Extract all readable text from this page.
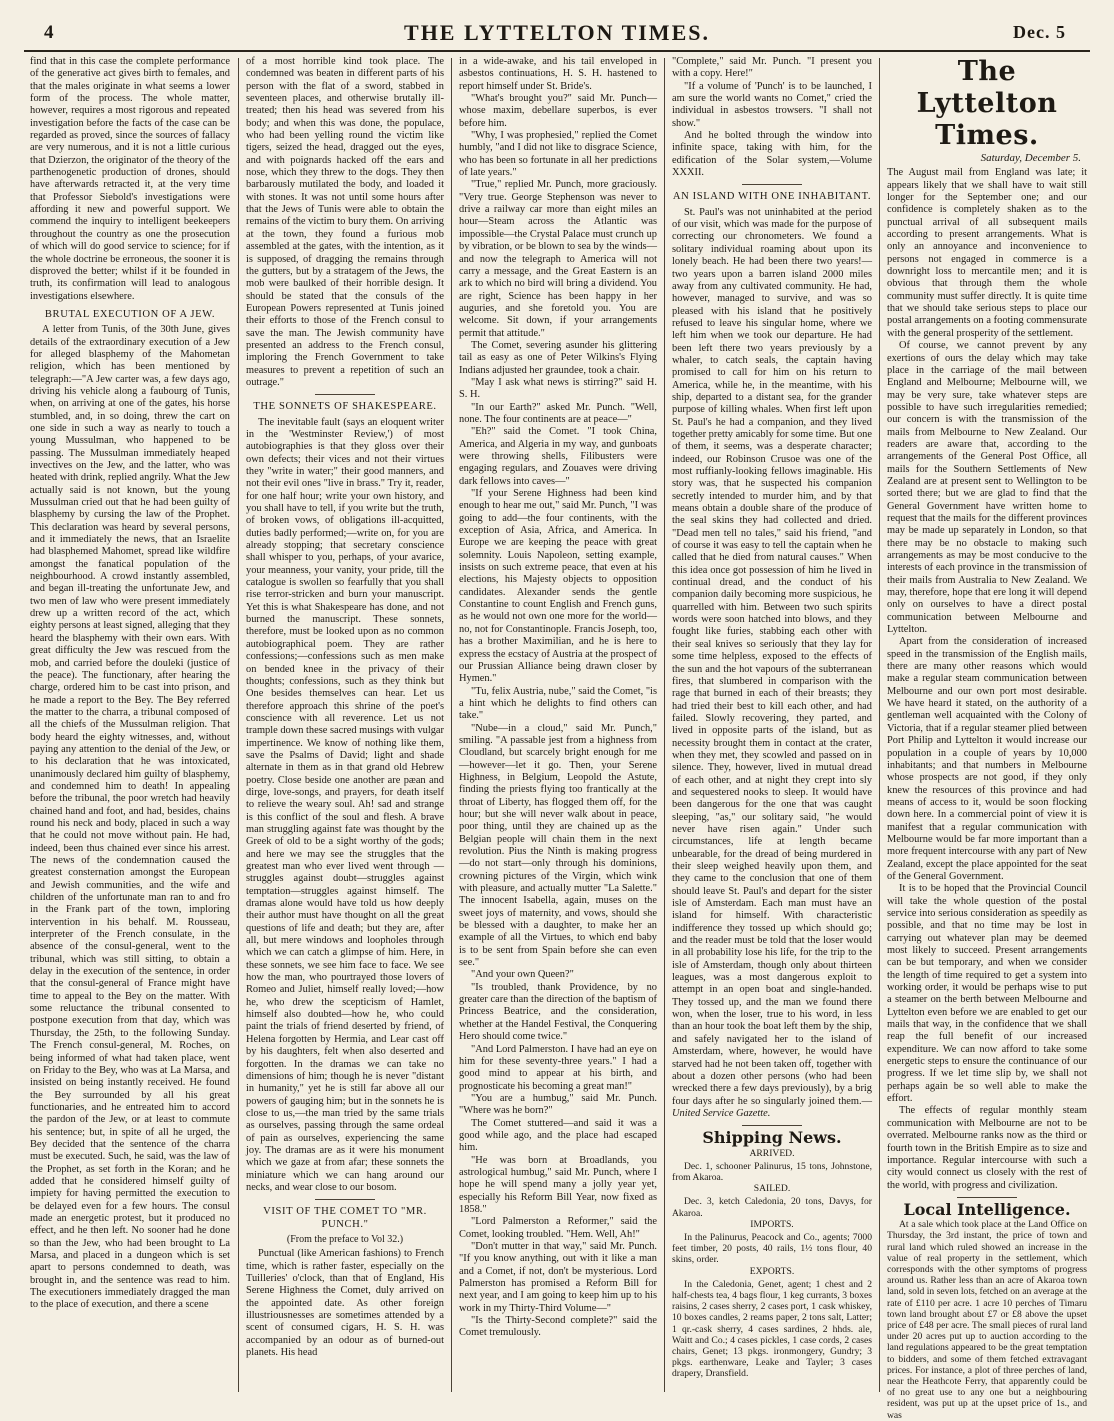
4	THE LYTTELTON TIMES.	Dec. 5

find that in this case the complete performance of the generative act gives birth to females, and that the males originate in what seems a lower form of the process. The whole matter, however, requires a most rigorous and repeated investigation before the facts of the case can be regarded as proved, since the sources of fallacy are very numerous, and it is not a little curious that Dzierzon, the originator of the theory of the parthenogenetic production of drones, should have afterwards retracted it, at the very time that Professor Siebold's investigations were affording it new and powerful support. We commend the inquiry to intelligent beekeepers throughout the country as one the prosecution of which will do good service to science; for if the whole doctrine be erroneous, the sooner it is disproved the better; whilst if it be founded in truth, its confirmation will lead to analogous investigations elsewhere.

BRUTAL EXECUTION OF A JEW.

A letter from Tunis, of the 30th June, gives details of the extraordinary execution of a Jew for alleged blasphemy of the Mahometan religion, which has been mentioned by telegraph:—"A Jew carter was, a few days ago, driving his vehicle along a faubourg of Tunis, when, on arriving at one of the gates, his horse stumbled, and, in so doing, threw the cart on one side in such a way as nearly to touch a young Mussulman, who happened to be passing. The Mussulman immediately heaped invectives on the Jew, and the latter, who was heated with drink, replied angrily. What the Jew actually said is not known, but the young Mussulman cried out that he had been guilty of blasphemy by cursing the law of the Prophet. This declaration was heard by several persons, and it immediately the news, that an Israelite had blasphemed Mahomet, spread like wildfire amongst the fanatical population of the neighbourhood. A crowd instantly assembled, and began ill-treating the unfortunate Jew, and two men of law who were present immediately drew up a written record of the act, which eighty persons at least signed, alleging that they heard the blasphemy with their own ears. With great difficulty the Jew was rescued from the mob, and carried before the douleki (justice of the peace). The functionary, after hearing the charge, ordered him to be cast into prison, and he made a report to the Bey. The Bey referred the matter to the charra, a tribunal composed of all the chiefs of the Mussulman religion. That body heard the eighty witnesses, and, without paying any attention to the denial of the Jew, or to his declaration that he was intoxicated, unanimously declared him guilty of blasphemy, and condemned him to death! In appealing before the tribunal, the poor wretch had heavily chained hand and foot, and had, besides, chains round his neck and body, placed in such a way that he could not move without pain. He had, indeed, been thus chained ever since his arrest. The news of the condemnation caused the greatest consternation amongst the European and Jewish communities, and the wife and children of the unfortunate man ran to and fro in the Frank part of the town, imploring intervention in his behalf. M. Rousseau, interpreter of the French consulate, in the absence of the consul-general, went to the tribunal, which was still sitting, to obtain a delay in the execution of the sentence, in order that the consul-general of France might have time to appeal to the Bey on the matter. With some reluctance the tribunal consented to postpone execution from that day, which was Thursday, the 25th, to the following Sunday. The French consul-general, M. Roches, on being informed of what had taken place, went on Friday to the Bey, who was at La Marsa, and insisted on being instantly received. He found the Bey surrounded by all his great functionaries, and he entreated him to accord the pardon of the Jew, or at least to commute his sentence; but, in spite of all he urged, the Bey decided that the sentence of the charra must be executed. Such, he said, was the law of the Prophet, as set forth in the Koran; and he added that he considered himself guilty of impiety for having permitted the execution to be delayed even for a few hours. The consul made an energetic protest, but it produced no effect, and he then left. No sooner had he done so than the Jew, who had been brought to La Marsa, and placed in a dungeon which is set apart to persons condemned to death, was brought in, and the sentence was read to him. The executioners immediately dragged the man to the place of execution, and there a scene

of a most horrible kind took place. The condemned was beaten in different parts of his person with the flat of a sword, stabbed in seventeen places, and otherwise brutally ill-treated; then his head was severed from his body; and when this was done, the populace, who had been yelling round the victim like tigers, seized the head, dragged out the eyes, and with poignards hacked off the ears and nose, which they threw to the dogs. They then barbarously mutilated the body, and loaded it with stones. It was not until some hours after that the Jews of Tunis were able to obtain the remains of the victim to bury them. On arriving at the town, they found a furious mob assembled at the gates, with the intention, as it is supposed, of dragging the remains through the gutters, but by a stratagem of the Jews, the mob were baulked of their horrible design. It should be stated that the consuls of the European Powers represented at Tunis joined their efforts to those of the French consul to save the man. The Jewish community have presented an address to the French consul, imploring the French Government to take measures to prevent a repetition of such an outrage."

THE SONNETS OF SHAKESPEARE.

The inevitable fault (says an eloquent writer in the 'Westminster Review,') of most autobiographies is that they gloss over their own defects; their vices and not their virtues they "write in water;" their good manners, and not their evil ones "live in brass." Try it, reader, for one half hour; write your own history, and you shall have to tell, if you write but the truth, of broken vows, of obligations ill-acquitted, duties badly performed;—write on, for you are already stopping; that secretary conscience shall whisper to you, perhaps, of your avarice, your meanness, your vanity, your pride, till the catalogue is swollen so fearfully that you shall rise terror-stricken and burn your manuscript. Yet this is what Shakespeare has done, and not burned the manuscript. These sonnets, therefore, must be looked upon as no common autobiographical poem. They are rather confessions;—confessions such as men make on bended knee in the privacy of their thoughts; confessions, such as they think but One besides themselves can hear. Let us therefore approach this shrine of the poet's conscience with all reverence. Let us not trample down these sacred musings with vulgar impertinence. We know of nothing like them, save the Psalms of David; light and shade alternate in them as in that grand old Hebrew poetry. Close beside one another are pæan and dirge, love-songs, and prayers, for death itself to relieve the weary soul. Ah! sad and strange is this conflict of the soul and flesh. A brave man struggling against fate was thought by the Greek of old to be a sight worthy of the gods; and here we may see the struggles that the greatest man who ever lived went through —struggles against doubt—struggles against temptation—struggles against himself. The dramas alone would have told us how deeply their author must have thought on all the great questions of life and death; but they are, after all, but mere windows and loopholes through which we can catch a glimpse of him. Here, in these sonnets, we see him face to face. We see how the man, who pourtrayed those lovers of Romeo and Juliet, himself really loved;—how he, who drew the scepticism of Hamlet, himself also doubted—how he, who could paint the trials of friend deserted by friend, of Helena forgotten by Hermia, and Lear cast off by his daughters, felt when also deserted and forgotten. In the dramas we can take no dimensions of him; though he is never "distant in humanity," yet he is still far above all our powers of gauging him; but in the sonnets he is close to us,—the man tried by the same trials as ourselves, passing through the same ordeal of pain as ourselves, experiencing the same joy. The dramas are as it were his monument which we gaze at from afar; these sonnets the miniature which we can hang around our necks, and wear close to our bosom.

VISIT OF THE COMET TO "MR. PUNCH."
(From the preface to Vol 32.)

Punctual (like American fashions) to French time, which is rather faster, especially on the Tuilleries' o'clock, than that of England, His Serene Highness the Comet, duly arrived on the appointed date. As other foreign illustriousnesses are sometimes attended by a scent of consumed cigars, H. S. H. was accompanied by an odour as of burned-out planets. His head

in a wide-awake, and his tail enveloped in asbestos continuations, H. S. H. hastened to report himself under St. Bride's.

"What's brought you?" said Mr. Punch—whose maxim, debellare superbos, is ever before him.

"Why, I was prophesied," replied the Comet humbly, "and I did not like to disgrace Science, who has been so fortunate in all her predictions of late years."

"True," replied Mr. Punch, more graciously. "Very true. George Stephenson was never to drive a railway car more than eight miles an hour—Steam across the Atlantic was impossible—the Crystal Palace must crunch up by vibration, or be blown to sea by the winds—and now the telegraph to America will not carry a message, and the Great Eastern is an ark to which no bird will bring a dividend. You are right, Science has been happy in her auguries, and she foretold you. You are welcome. Sit down, if your arrangements permit that attitude."

The Comet, severing asunder his glittering tail as easy as one of Peter Wilkins's Flying Indians adjusted her graundee, took a chair.

"May I ask what news is stirring?" said H. S. H.

"In our Earth?" asked Mr. Punch. "Well, none. The four continents are at peace—"

"Eh?" said the Comet. "I took China, America, and Algeria in my way, and gunboats were throwing shells, Filibusters were engaging regulars, and Zouaves were driving dark fellows into caves—"

"If your Serene Highness had been kind enough to hear me out," said Mr. Punch, "I was going to add—the four continents, with the exception of Asia, Africa, and America. In Europe we are keeping the peace with great solemnity. Louis Napoleon, setting example, insists on such extreme peace, that even at his elections, his Majesty objects to opposition candidates. Alexander sends the gentle Constantine to count English and French guns, as he would not own one more for the world—no, not for Constantinople. Francis Joseph, too, has a brother Maximilian, and he is here to express the ecstacy of Austria at the prospect of our Prussian Alliance being drawn closer by Hymen."

"Tu, felix Austria, nube," said the Comet, "is a hint which he delights to find others can take."

"Nube—in a cloud," said Mr. Punch," smiling. "A passable jest from a highness from Cloudland, but scarcely bright enough for me—however—let it go. Then, your Serene Highness, in Belgium, Leopold the Astute, finding the priests flying too frantically at the throat of Liberty, has flogged them off, for the hour; but she will never walk about in peace, poor thing, until they are chained up as the Belgian people will chain them in the next revolution. Pius the Ninth is making progress—do not start—only through his dominions, crowning pictures of the Virgin, which wink with pleasure, and actually mutter "La Salette." The innocent Isabella, again, muses on the sweet joys of maternity, and vows, should she be blessed with a daughter, to make her an example of all the Virtues, to which end baby is to be sent from Spain before she can even see."

"And your own Queen?"

"Is troubled, thank Providence, by no greater care than the direction of the baptism of Princess Beatrice, and the consideration, whether at the Handel Festival, the Conquering Hero should come twice."

"And Lord Palmerston. I have had an eye on him for these seventy-three years." I had a good mind to appear at his birth, and prognosticate his becoming a great man!"

"You are a humbug," said Mr. Punch. "Where was he born?"

The Comet stuttered—and said it was a good while ago, and the place had escaped him.

"He was born at Broadlands, you astrological humbug," said Mr. Punch, where I hope he will spend many a jolly year yet, especially his Reform Bill Year, now fixed as 1858."

"Lord Palmerston a Reformer," said the Comet, looking troubled. "Hem. Well, Ah!"

"Don't mutter in that way," said Mr. Punch. "If you know anything, out with it like a man and a Comet, if not, don't be mysterious. Lord Palmerston has promised a Reform Bill for next year, and I am going to keep him up to his work in my Thirty-Third Volume—"

"Is the Thirty-Second complete?" said the Comet tremulously.

"Complete," said Mr. Punch. "I present you with a copy. Here!"

"If a volume of 'Punch' is to be launched, I am sure the world wants no Comet," cried the individual in asbestos trowsers. "I shall not show."

And he bolted through the window into infinite space, taking with him, for the edification of the Solar system,—Volume XXXII.

AN ISLAND WITH ONE INHABITANT.

St. Paul's was not uninhabited at the period of our visit, which was made for the purpose of correcting our chronometers. We found a solitary individual roaming about upon its lonely beach. He had been there two years!—two years upon a barren island 2000 miles away from any cultivated community. He had, however, managed to survive, and was so pleased with his island that he positively refused to leave his singular home, where we left him when we took our departure. He had been left there two years previously by a whaler, to catch seals, the captain having promised to call for him on his return to America, while he, in the meantime, with his ship, departed to a distant sea, for the grander purpose of killing whales. When first left upon St. Paul's he had a companion, and they lived together pretty amicably for some time. But one of them, it seems, was a desperate character; indeed, our Robinson Crusoe was one of the most ruffianly-looking fellows imaginable. His story was, that he suspected his companion secretly intended to murder him, and by that means obtain a double share of the produce of the seal skins they had collected and dried. "Dead men tell no tales," said his friend, "and of course it was easy to tell the captain when he called that he died from natural causes." When this idea once got possession of him he lived in continual dread, and the conduct of his companion daily becoming more suspicious, he quarrelled with him. Between two such spirits words were soon hatched into blows, and they fought like furies, stabbing each other with their seal knives so seriously that they lay for some time helpless, exposed to the effects of the sun and the hot vapours of the subterranean fires, that slumbered in comparison with the rage that burned in each of their breasts; they had tried their best to kill each other, and had failed. Slowly recovering, they parted, and lived in opposite parts of the island, but as necessity brought them in contact at the crater, when they met, they scowled and passed on in silence. They, however, lived in mutual dread of each other, and at night they crept into sly and sequestered nooks to sleep. It would have been dangerous for the one that was caught sleeping, "as," our solitary said, "he would never have risen again." Under such circumstances, life at length became unbearable, for the dread of being murdered in their sleep weighed heavily upon them, and they came to the conclusion that one of them should leave St. Paul's and depart for the sister isle of Amsterdam. Each man must have an island for himself. With characteristic indifference they tossed up which should go; and the reader must be told that the loser would in all probability lose his life, for the trip to the isle of Amsterdam, though only about thirteen leagues, was a most dangerous exploit to attempt in an open boat and single-handed. They tossed up, and the man we found there won, when the loser, true to his word, in less than an hour took the boat left them by the ship, and safely navigated her to the island of Amsterdam, where, however, he would have starved had he not been taken off, together with about a dozen other persons (who had been wrecked there a few days previously), by a brig four days after he so singularly joined them.—United Service Gazette.

Shipping News.
ARRIVED.

Dec. 1, schooner Palinurus, 15 tons, Johnstone, from Akaroa.

SAILED.

Dec. 3, ketch Caledonia, 20 tons, Davys, for Akaroa.

IMPORTS.

In the Palinurus, Peacock and Co., agents; 7000 feet timber, 20 posts, 40 rails, 1½ tons flour, 40 skins, order.

EXPORTS.

In the Caledonia, Genet, agent; 1 chest and 2 half-chests tea, 4 bags flour, 1 keg currants, 3 boxes raisins, 2 cases sherry, 2 cases port, 1 cask whiskey, 10 boxes candles, 2 reams paper, 2 tons salt, Latter; 1 qr.-cask sherry, 4 cases sardines, 2 hhds. ale, Waitt and Co.; 4 cases pickles, 1 case cords, 2 cases chairs, Genet; 13 pkgs. ironmongery, Gundry; 3 pkgs. earthenware, Leake and Tayler; 3 cases drapery, Dransfield.

The Lyttelton Times.
Saturday, December 5.

The August mail from England was late; it appears likely that we shall have to wait still longer for the September one; and our confidence is completely shaken as to the punctual arrival of all subsequent mails according to present arrangements. What is only an annoyance and inconvenience to persons not engaged in commerce is a downright loss to mercantile men; and it is obvious that through them the whole community must suffer directly. It is quite time that we should take serious steps to place our postal arrangements on a footing commensurate with the general prosperity of the settlement.

Of course, we cannot prevent by any exertions of ours the delay which may take place in the carriage of the mail between England and Melbourne; Melbourne will, we may be very sure, take whatever steps are possible to have such irregularities remedied; our concern is with the transmission of the mails from Melbourne to New Zealand. Our readers are aware that, according to the arrangements of the General Post Office, all mails for the Southern Settlements of New Zealand are at present sent to Wellington to be sorted there; but we are glad to find that the General Government have written home to request that the mails for the different provinces may be made up separately in London, so that there may be no obstacle to making such arrangements as may be most conducive to the interests of each province in the transmission of their mails from Australia to New Zealand. We may, therefore, hope that ere long it will depend only on ourselves to have a direct postal communication between Melbourne and Lyttelton.

Apart from the consideration of increased speed in the transmission of the English mails, there are many other reasons which would make a regular steam communication between Melbourne and our own port most desirable. We have heard it stated, on the authority of a gentleman well acquainted with the Colony of Victoria, that if a regular steamer plied between Port Philip and Lyttelton it would increase our population in a couple of years by 10,000 inhabitants; and that numbers in Melbourne whose prospects are not good, if they only knew the resources of this province and had means of access to it, would be soon flocking down here. In a commercial point of view it is manifest that a regular communication with Melbourne would be far more important than a more frequent intercourse with any part of New Zealand, except the place appointed for the seat of the General Government.

It is to be hoped that the Provincial Council will take the whole question of the postal service into serious consideration as speedily as possible, and that no time may be lost in carrying out whatever plan may be deemed most likely to succeed. Present arrangements can be but temporary, and when we consider the length of time required to get a system into working order, it would be perhaps wise to put a steamer on the berth between Melbourne and Lyttelton even before we are enabled to get our mails that way, in the confidence that we shall reap the full benefit of our increased expenditure. We can now afford to take some energetic steps to ensure the continuance of our progress. If we let time slip by, we shall not perhaps again be so well able to make the effort.

The effects of regular monthly steam communication with Melbourne are not to be overrated. Melbourne ranks now as the third or fourth town in the British Empire as to size and importance. Regular intercourse with such a city would connect us closely with the rest of the world, with progress and civilization.

Local Intelligence.

At a sale which took place at the Land Office on Thursday, the 3rd instant, the price of town and rural land which ruled showed an increase in the value of real property in the settlement, which corresponds with the other symptoms of progress around us. Rather less than an acre of Akaroa town land, sold in seven lots, fetched on an average at the rate of £110 per acre. 1 acre 10 perches of Timaru town land brought about £7 or £8 above the upset price of £48 per acre. The small pieces of rural land under 20 acres put up to auction according to the land regulations appeared to be the great temptation to bidders, and some of them fetched extravagant prices. For instance, a plot of three perches of land, near the Heathcote Ferry, that apparently could be of no great use to any one but a neighbouring resident, was put up at the upset price of 1s., and was
